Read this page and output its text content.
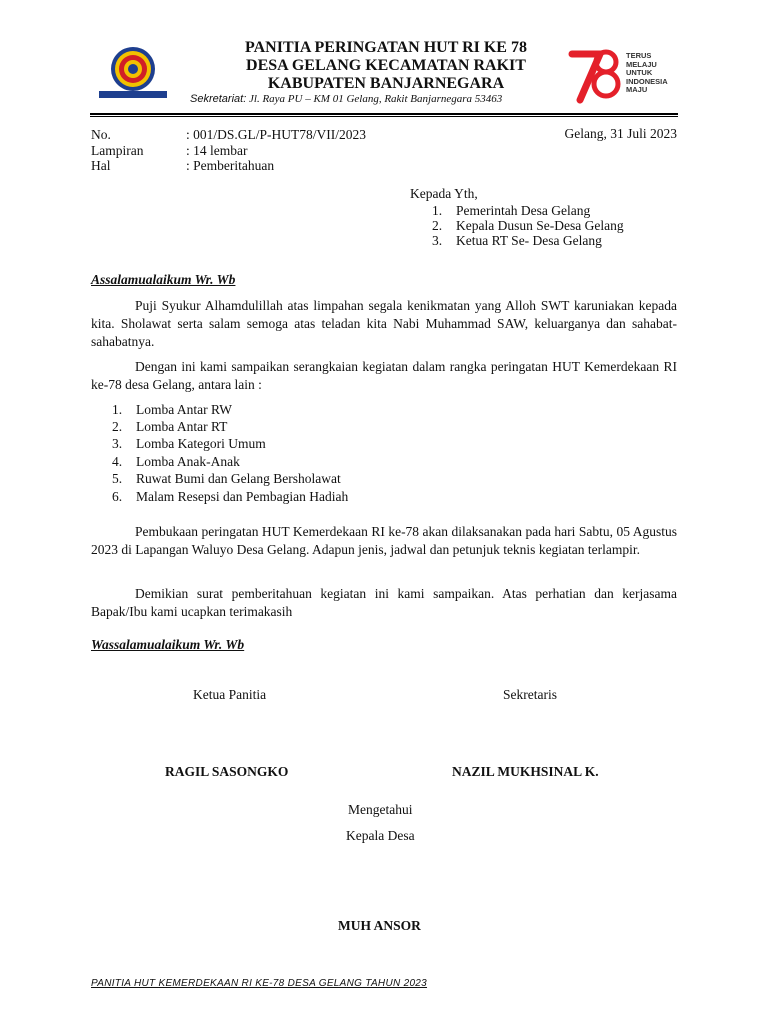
PANITIA PERINGATAN HUT RI KE 78
DESA GELANG KECAMATAN RAKIT
KABUPATEN BANJARNEGARA
Sekretariat: Jl. Raya PU – KM 01 Gelang, Rakit Banjarnegara 53463
TERUS
MELAJU
UNTUK
INDONESIA
MAJU
No.	: 001/DS.GL/P-HUT78/VII/2023
Lampiran	: 14 lembar
Hal	: Pemberitahuan
Gelang, 31 Juli 2023
Kepada Yth,
1. Pemerintah Desa Gelang
2. Kepala Dusun Se-Desa Gelang
3. Ketua RT Se- Desa Gelang
Assalamualaikum Wr. Wb
Puji Syukur Alhamdulillah atas limpahan segala kenikmatan yang Alloh SWT karuniakan kepada kita. Sholawat serta salam semoga atas teladan kita Nabi Muhammad SAW, keluarganya dan sahabat-sahabatnya.
Dengan ini kami sampaikan serangkaian kegiatan dalam rangka peringatan HUT Kemerdekaan RI ke-78 desa Gelang, antara lain :
1. Lomba Antar RW
2. Lomba Antar RT
3. Lomba Kategori Umum
4. Lomba Anak-Anak
5. Ruwat Bumi dan Gelang Bersholawat
6. Malam Resepsi dan Pembagian Hadiah
Pembukaan peringatan HUT Kemerdekaan RI ke-78 akan dilaksanakan pada hari Sabtu, 05 Agustus 2023 di Lapangan Waluyo Desa Gelang. Adapun jenis, jadwal dan petunjuk teknis kegiatan terlampir.
Demikian surat pemberitahuan kegiatan ini kami sampaikan. Atas perhatian dan kerjasama Bapak/Ibu kami ucapkan terimakasih
Wassalamualaikum Wr. Wb
Ketua Panitia	Sekretaris
RAGIL SASONGKO	NAZIL MUKHSINAL K.
Mengetahui
Kepala Desa
MUH ANSOR
PANITIA HUT KEMERDEKAAN RI KE-78 DESA GELANG TAHUN 2023
